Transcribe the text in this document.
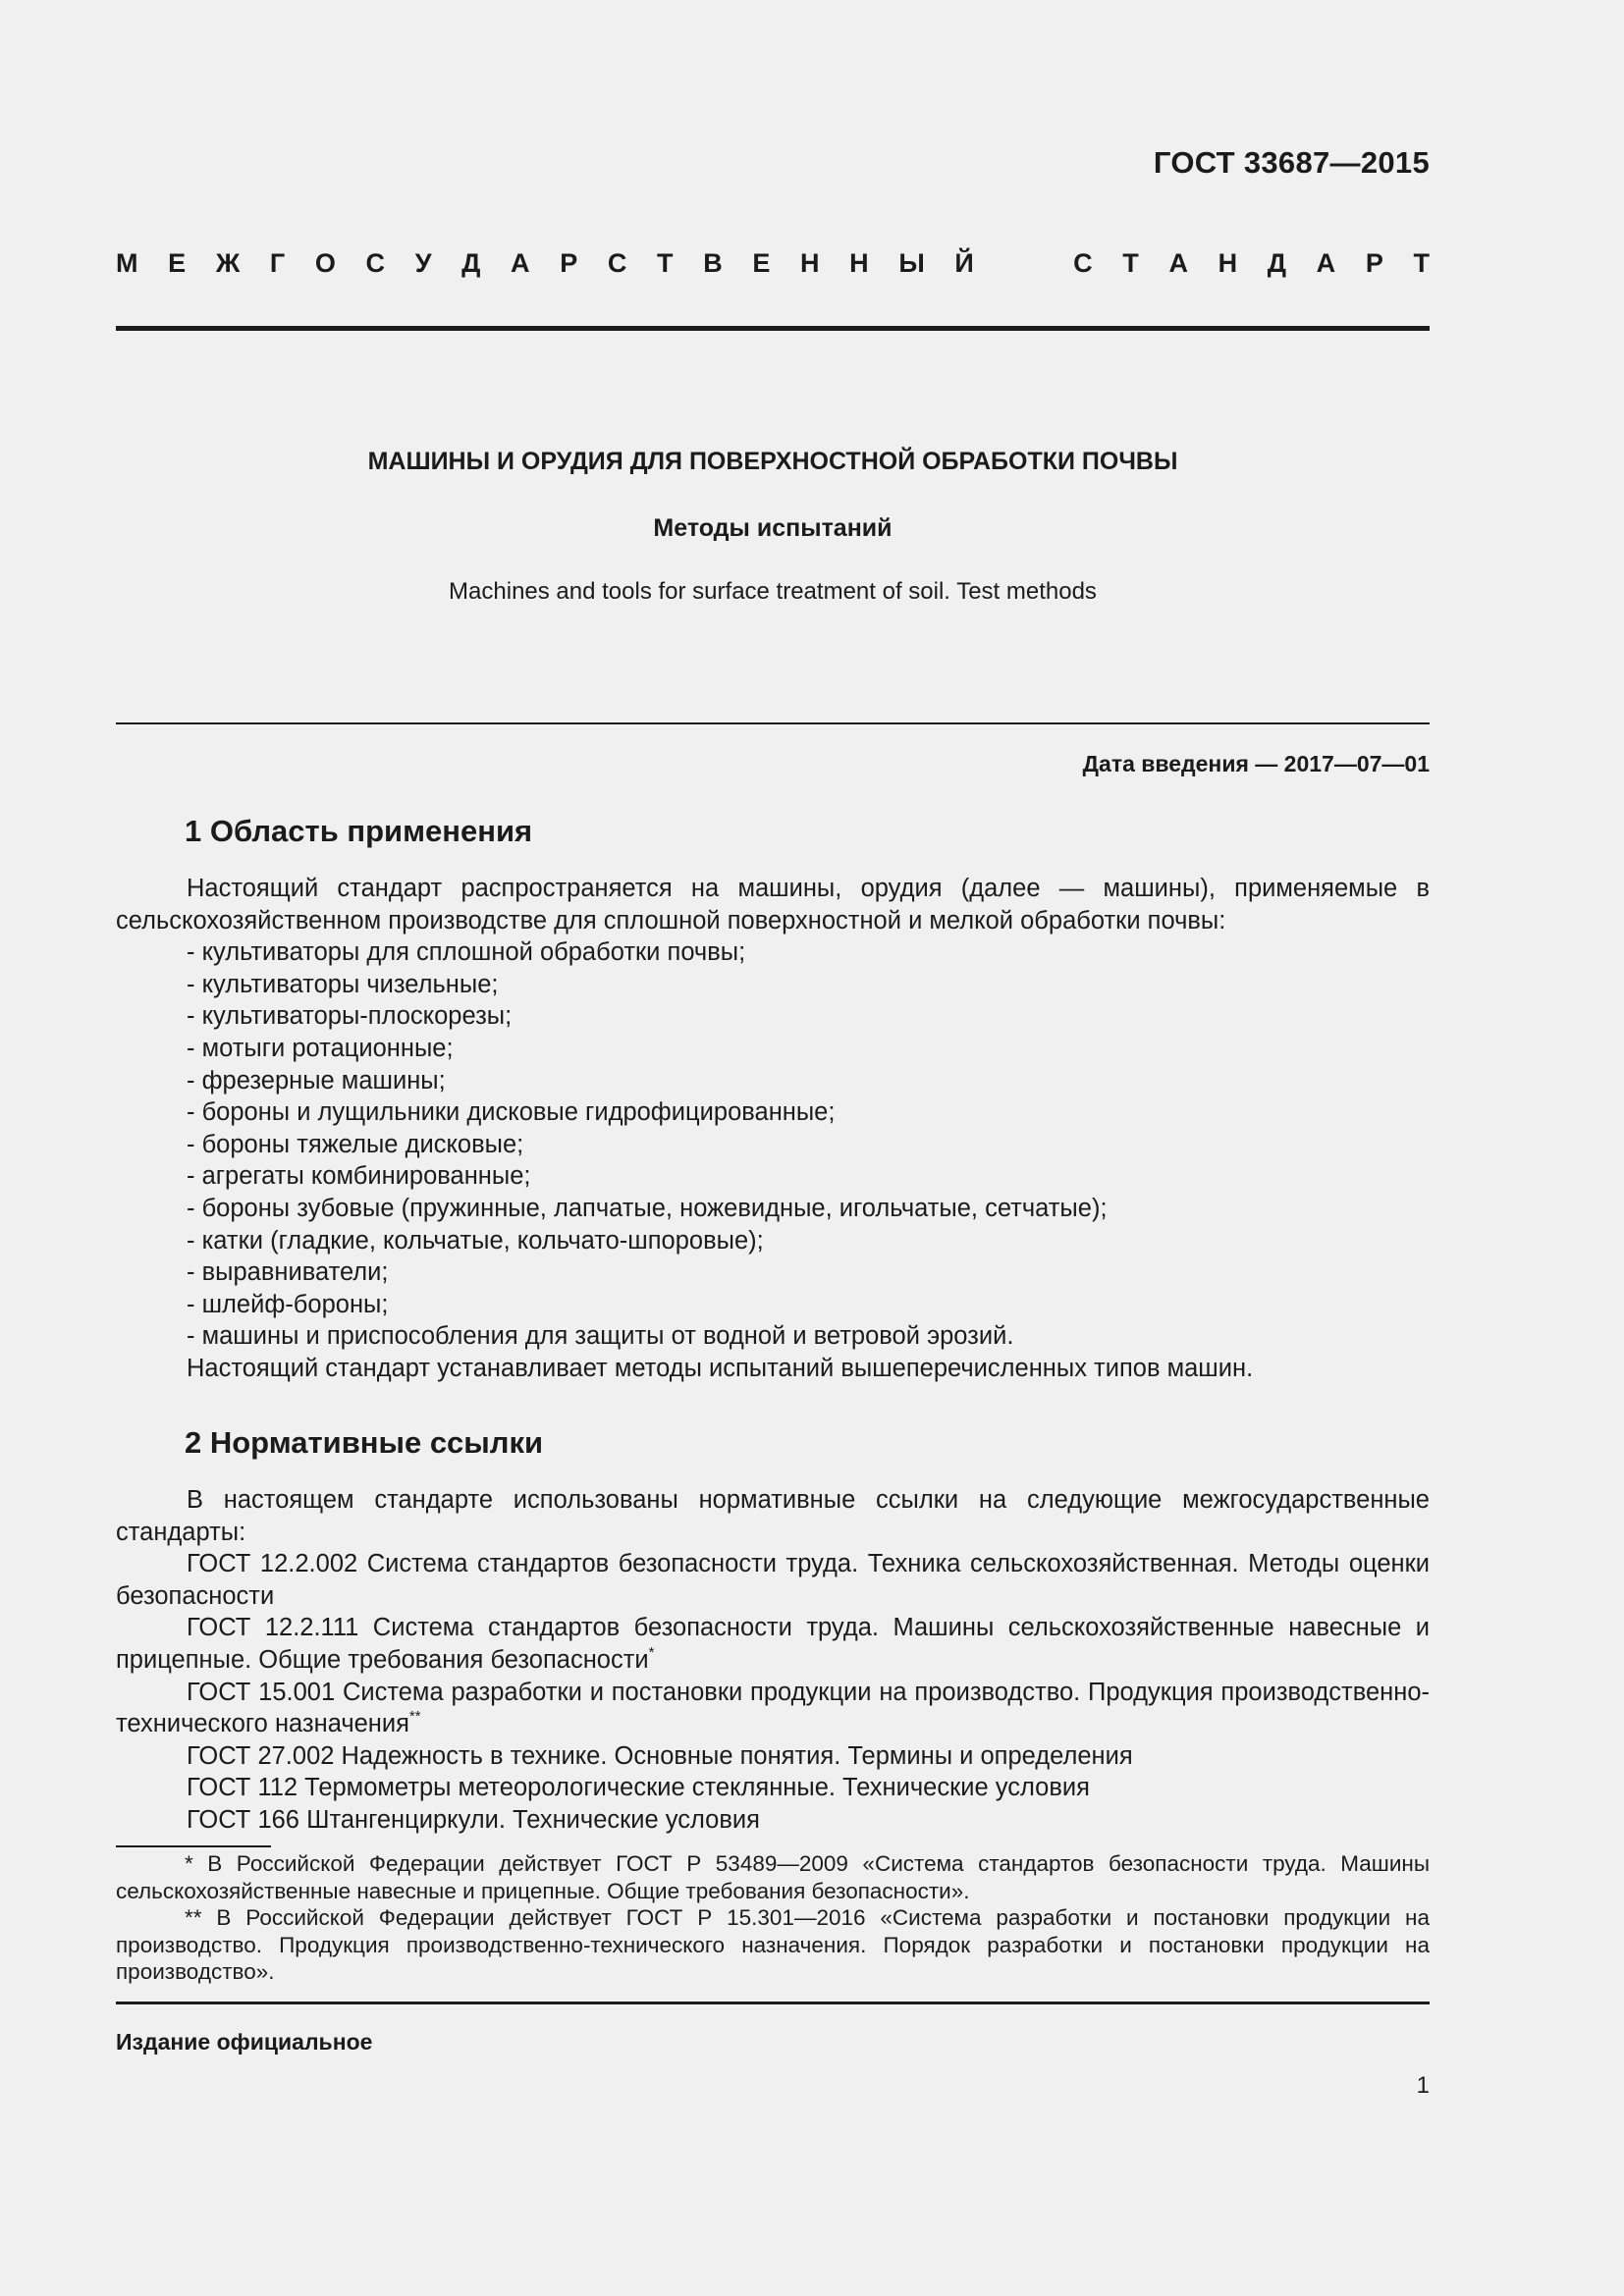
ГОСТ 33687—2015
М Е Ж Г О С У Д А Р С Т В Е Н Н Ы Й	С Т А Н Д А Р Т
МАШИНЫ И ОРУДИЯ ДЛЯ ПОВЕРХНОСТНОЙ ОБРАБОТКИ ПОЧВЫ
Методы испытаний
Machines and tools for surface treatment of soil. Test methods
Дата введения — 2017—07—01
1 Область применения

Настоящий стандарт распространяется на машины, орудия (далее — машины), применяемые в сельскохозяйственном производстве для сплошной поверхностной и мелкой обработки почвы:

- культиваторы для сплошной обработки почвы;
- культиваторы чизельные;
- культиваторы-плоскорезы;
- мотыги ротационные;
- фрезерные машины;
- бороны и лущильники дисковые гидрофицированные;
- бороны тяжелые дисковые;
- агрегаты комбинированные;
- бороны зубовые (пружинные, лапчатые, ножевидные, игольчатые, сетчатые);
- катки (гладкие, кольчатые, кольчато-шпоровые);
- выравниватели;
- шлейф-бороны;
- машины и приспособления для защиты от водной и ветровой эрозий.

Настоящий стандарт устанавливает методы испытаний вышеперечисленных типов машин.

2 Нормативные ссылки

В настоящем стандарте использованы нормативные ссылки на следующие межгосударственные стандарты:

ГОСТ 12.2.002 Система стандартов безопасности труда. Техника сельскохозяйственная. Методы оценки безопасности

ГОСТ 12.2.111 Система стандартов безопасности труда. Машины сельскохозяйственные навесные и прицепные. Общие требования безопасности*

ГОСТ 15.001 Система разработки и постановки продукции на производство. Продукция производственно-технического назначения**

ГОСТ 27.002 Надежность в технике. Основные понятия. Термины и определения

ГОСТ 112 Термометры метеорологические стеклянные. Технические условия

ГОСТ 166 Штангенциркули. Технические условия

* В Российской Федерации действует ГОСТ Р 53489—2009 «Система стандартов безопасности труда. Машины сельскохозяйственные навесные и прицепные. Общие требования безопасности».

** В Российской Федерации действует ГОСТ Р 15.301—2016 «Система разработки и постановки продукции на производство. Продукция производственно-технического назначения. Порядок разработки и постановки продукции на производство».

Издание официальное
1
